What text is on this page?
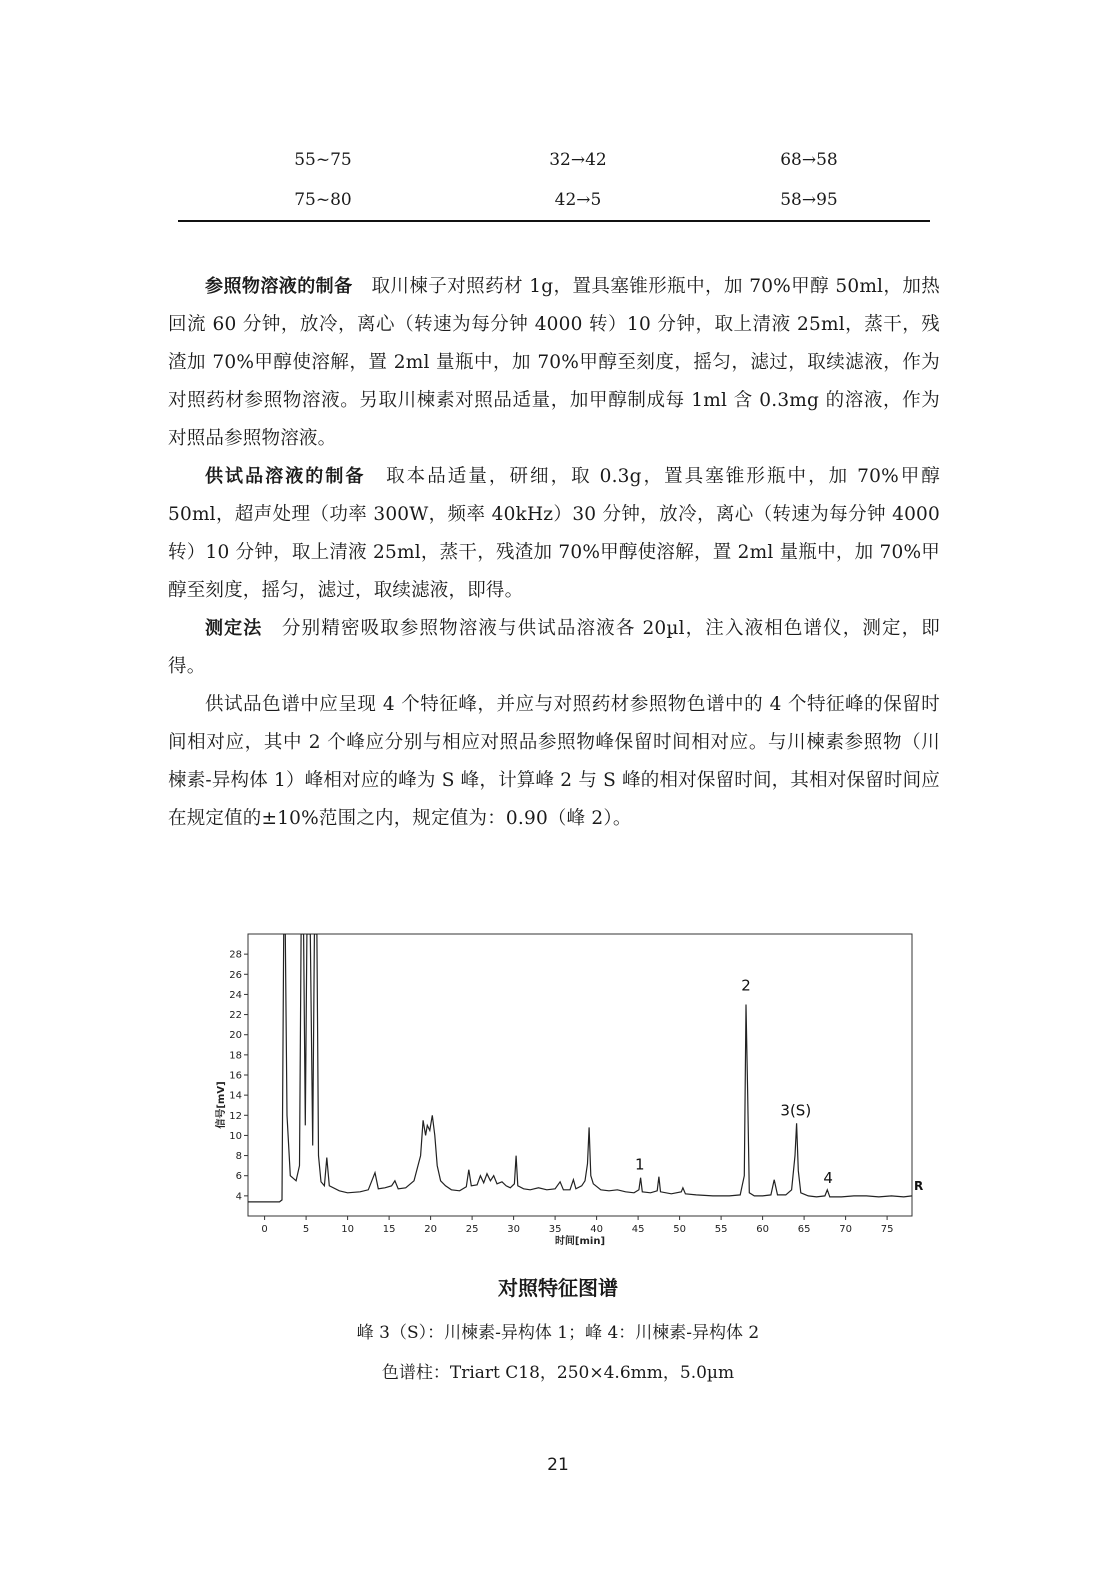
55~75	32→42	68→58
75~80	42→5	58→95

参照物溶液的制备  取川楝子对照药材 1g，置具塞锥形瓶中，加 70%甲醇 50ml，加热回流 60 分钟，放冷，离心（转速为每分钟 4000 转）10 分钟，取上清液 25ml，蒸干，残渣加 70%甲醇使溶解，置 2ml 量瓶中，加 70%甲醇至刻度，摇匀，滤过，取续滤液，作为对照药材参照物溶液。另取川楝素对照品适量，加甲醇制成每 1ml 含 0.3mg 的溶液，作为对照品参照物溶液。

供试品溶液的制备  取本品适量，研细，取 0.3g，置具塞锥形瓶中，加 70%甲醇 50ml，超声处理（功率 300W，频率 40kHz）30 分钟，放冷，离心（转速为每分钟 4000 转）10 分钟，取上清液 25ml，蒸干，残渣加 70%甲醇使溶解，置 2ml 量瓶中，加 70%甲醇至刻度，摇匀，滤过，取续滤液，即得。

测定法  分别精密吸取参照物溶液与供试品溶液各 20µl，注入液相色谱仪，测定，即得。

供试品色谱中应呈现 4 个特征峰，并应与对照药材参照物色谱中的 4 个特征峰的保留时间相对应，其中 2 个峰应分别与相应对照品参照物峰保留时间相对应。与川楝素参照物（川楝素-异构体 1）峰相对应的峰为 S 峰，计算峰 2 与 S 峰的相对保留时间，其相对保留时间应在规定值的±10%范围之内，规定值为：0.90（峰 2）。

0	5	10	15	20	25	30	35	40	45	50	55	60	65	70	75
4
6
8
10
12
14
16
18
20
22
24
26
28
时间[min]
信号[mV]
1
2
3(S)
4	R
对照特征图谱
峰 3（S）：川楝素-异构体 1；峰 4：川楝素-异构体 2
色谱柱：Triart C18，250×4.6mm，5.0µm
21
